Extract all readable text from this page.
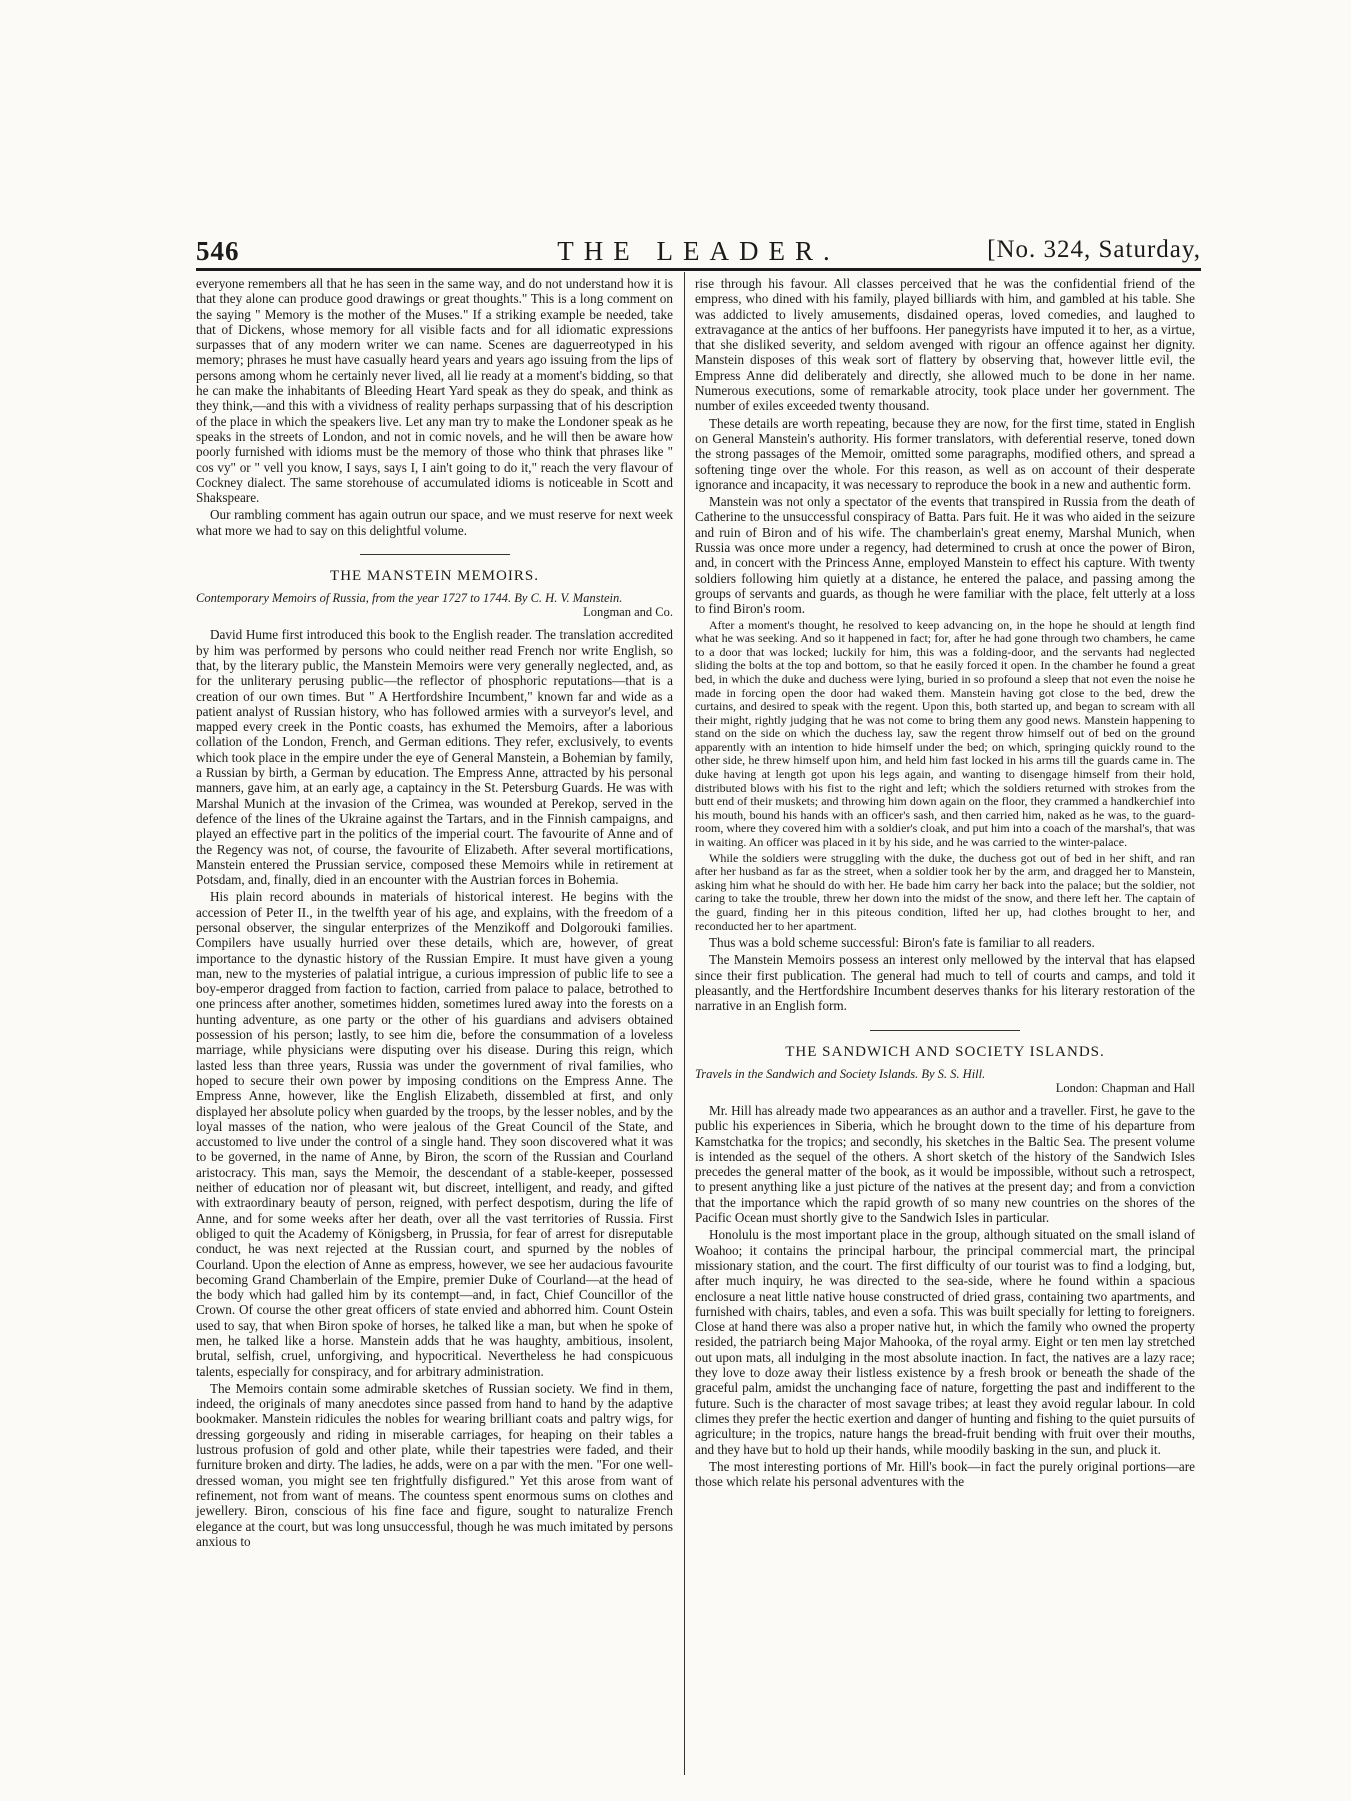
546	THE LEADER.	[No. 324, Saturday,

everyone remembers all that he has seen in the same way, and do not understand how it is that they alone can produce good drawings or great thoughts." This is a long comment on the saying " Memory is the mother of the Muses." If a striking example be needed, take that of Dickens, whose memory for all visible facts and for all idiomatic expressions surpasses that of any modern writer we can name. Scenes are daguerreotyped in his memory; phrases he must have casually heard years and years ago issuing from the lips of persons among whom he certainly never lived, all lie ready at a moment's bidding, so that he can make the inhabitants of Bleeding Heart Yard speak as they do speak, and think as they think,—and this with a vividness of reality perhaps surpassing that of his description of the place in which the speakers live. Let any man try to make the Londoner speak as he speaks in the streets of London, and not in comic novels, and he will then be aware how poorly furnished with idioms must be the memory of those who think that phrases like " cos vy" or " vell you know, I says, says I, I ain't going to do it," reach the very flavour of Cockney dialect. The same storehouse of accumulated idioms is noticeable in Scott and Shakspeare.

Our rambling comment has again outrun our space, and we must reserve for next week what more we had to say on this delightful volume.

THE MANSTEIN MEMOIRS.
Contemporary Memoirs of Russia, from the year 1727 to 1744. By C. H. V. Manstein.
Longman and Co.

David Hume first introduced this book to the English reader. The translation accredited by him was performed by persons who could neither read French nor write English, so that, by the literary public, the Manstein Memoirs were very generally neglected, and, as for the unliterary perusing public—the reflector of phosphoric reputations—that is a creation of our own times. But " A Hertfordshire Incumbent," known far and wide as a patient analyst of Russian history, who has followed armies with a surveyor's level, and mapped every creek in the Pontic coasts, has exhumed the Memoirs, after a laborious collation of the London, French, and German editions. They refer, exclusively, to events which took place in the empire under the eye of General Manstein, a Bohemian by family, a Russian by birth, a German by education. The Empress Anne, attracted by his personal manners, gave him, at an early age, a captaincy in the St. Petersburg Guards. He was with Marshal Munich at the invasion of the Crimea, was wounded at Perekop, served in the defence of the lines of the Ukraine against the Tartars, and in the Finnish campaigns, and played an effective part in the politics of the imperial court. The favourite of Anne and of the Regency was not, of course, the favourite of Elizabeth. After several mortifications, Manstein entered the Prussian service, composed these Memoirs while in retirement at Potsdam, and, finally, died in an encounter with the Austrian forces in Bohemia.

His plain record abounds in materials of historical interest. He begins with the accession of Peter II., in the twelfth year of his age, and explains, with the freedom of a personal observer, the singular enterprizes of the Menzikoff and Dolgorouki families. Compilers have usually hurried over these details, which are, however, of great importance to the dynastic history of the Russian Empire. It must have given a young man, new to the mysteries of palatial intrigue, a curious impression of public life to see a boy-emperor dragged from faction to faction, carried from palace to palace, betrothed to one princess after another, sometimes hidden, sometimes lured away into the forests on a hunting adventure, as one party or the other of his guardians and advisers obtained possession of his person; lastly, to see him die, before the consummation of a loveless marriage, while physicians were disputing over his disease. During this reign, which lasted less than three years, Russia was under the government of rival families, who hoped to secure their own power by imposing conditions on the Empress Anne. The Empress Anne, however, like the English Elizabeth, dissembled at first, and only displayed her absolute policy when guarded by the troops, by the lesser nobles, and by the loyal masses of the nation, who were jealous of the Great Council of the State, and accustomed to live under the control of a single hand. They soon discovered what it was to be governed, in the name of Anne, by Biron, the scorn of the Russian and Courland aristocracy. This man, says the Memoir, the descendant of a stable-keeper, possessed neither of education nor of pleasant wit, but discreet, intelligent, and ready, and gifted with extraordinary beauty of person, reigned, with perfect despotism, during the life of Anne, and for some weeks after her death, over all the vast territories of Russia. First obliged to quit the Academy of Königsberg, in Prussia, for fear of arrest for disreputable conduct, he was next rejected at the Russian court, and spurned by the nobles of Courland. Upon the election of Anne as empress, however, we see her audacious favourite becoming Grand Chamberlain of the Empire, premier Duke of Courland—at the head of the body which had galled him by its contempt—and, in fact, Chief Councillor of the Crown. Of course the other great officers of state envied and abhorred him. Count Ostein used to say, that when Biron spoke of horses, he talked like a man, but when he spoke of men, he talked like a horse. Manstein adds that he was haughty, ambitious, insolent, brutal, selfish, cruel, unforgiving, and hypocritical. Nevertheless he had conspicuous talents, especially for conspiracy, and for arbitrary administration.

The Memoirs contain some admirable sketches of Russian society. We find in them, indeed, the originals of many anecdotes since passed from hand to hand by the adaptive bookmaker. Manstein ridicules the nobles for wearing brilliant coats and paltry wigs, for dressing gorgeously and riding in miserable carriages, for heaping on their tables a lustrous profusion of gold and other plate, while their tapestries were faded, and their furniture broken and dirty. The ladies, he adds, were on a par with the men. "For one well-dressed woman, you might see ten frightfully disfigured." Yet this arose from want of refinement, not from want of means. The countess spent enormous sums on clothes and jewellery. Biron, conscious of his fine face and figure, sought to naturalize French elegance at the court, but was long unsuccessful, though he was much imitated by persons anxious to

rise through his favour. All classes perceived that he was the confidential friend of the empress, who dined with his family, played billiards with him, and gambled at his table. She was addicted to lively amusements, disdained operas, loved comedies, and laughed to extravagance at the antics of her buffoons. Her panegyrists have imputed it to her, as a virtue, that she disliked severity, and seldom avenged with rigour an offence against her dignity. Manstein disposes of this weak sort of flattery by observing that, however little evil, the Empress Anne did deliberately and directly, she allowed much to be done in her name. Numerous executions, some of remarkable atrocity, took place under her government. The number of exiles exceeded twenty thousand.

These details are worth repeating, because they are now, for the first time, stated in English on General Manstein's authority. His former translators, with deferential reserve, toned down the strong passages of the Memoir, omitted some paragraphs, modified others, and spread a softening tinge over the whole. For this reason, as well as on account of their desperate ignorance and incapacity, it was necessary to reproduce the book in a new and authentic form.

Manstein was not only a spectator of the events that transpired in Russia from the death of Catherine to the unsuccessful conspiracy of Batta. Pars fuit. He it was who aided in the seizure and ruin of Biron and of his wife. The chamberlain's great enemy, Marshal Munich, when Russia was once more under a regency, had determined to crush at once the power of Biron, and, in concert with the Princess Anne, employed Manstein to effect his capture. With twenty soldiers following him quietly at a distance, he entered the palace, and passing among the groups of servants and guards, as though he were familiar with the place, felt utterly at a loss to find Biron's room.

After a moment's thought, he resolved to keep advancing on, in the hope he should at length find what he was seeking. And so it happened in fact; for, after he had gone through two chambers, he came to a door that was locked; luckily for him, this was a folding-door, and the servants had neglected sliding the bolts at the top and bottom, so that he easily forced it open. In the chamber he found a great bed, in which the duke and duchess were lying, buried in so profound a sleep that not even the noise he made in forcing open the door had waked them. Manstein having got close to the bed, drew the curtains, and desired to speak with the regent. Upon this, both started up, and began to scream with all their might, rightly judging that he was not come to bring them any good news. Manstein happening to stand on the side on which the duchess lay, saw the regent throw himself out of bed on the ground apparently with an intention to hide himself under the bed; on which, springing quickly round to the other side, he threw himself upon him, and held him fast locked in his arms till the guards came in. The duke having at length got upon his legs again, and wanting to disengage himself from their hold, distributed blows with his fist to the right and left; which the soldiers returned with strokes from the butt end of their muskets; and throwing him down again on the floor, they crammed a handkerchief into his mouth, bound his hands with an officer's sash, and then carried him, naked as he was, to the guard-room, where they covered him with a soldier's cloak, and put him into a coach of the marshal's, that was in waiting. An officer was placed in it by his side, and he was carried to the winter-palace.

While the soldiers were struggling with the duke, the duchess got out of bed in her shift, and ran after her husband as far as the street, when a soldier took her by the arm, and dragged her to Manstein, asking him what he should do with her. He bade him carry her back into the palace; but the soldier, not caring to take the trouble, threw her down into the midst of the snow, and there left her. The captain of the guard, finding her in this piteous condition, lifted her up, had clothes brought to her, and reconducted her to her apartment.

Thus was a bold scheme successful: Biron's fate is familiar to all readers.

The Manstein Memoirs possess an interest only mellowed by the interval that has elapsed since their first publication. The general had much to tell of courts and camps, and told it pleasantly, and the Hertfordshire Incumbent deserves thanks for his literary restoration of the narrative in an English form.

THE SANDWICH AND SOCIETY ISLANDS.
Travels in the Sandwich and Society Islands. By S. S. Hill.
London: Chapman and Hall

Mr. Hill has already made two appearances as an author and a traveller. First, he gave to the public his experiences in Siberia, which he brought down to the time of his departure from Kamstchatka for the tropics; and secondly, his sketches in the Baltic Sea. The present volume is intended as the sequel of the others. A short sketch of the history of the Sandwich Isles precedes the general matter of the book, as it would be impossible, without such a retrospect, to present anything like a just picture of the natives at the present day; and from a conviction that the importance which the rapid growth of so many new countries on the shores of the Pacific Ocean must shortly give to the Sandwich Isles in particular.

Honolulu is the most important place in the group, although situated on the small island of Woahoo; it contains the principal harbour, the principal commercial mart, the principal missionary station, and the court. The first difficulty of our tourist was to find a lodging, but, after much inquiry, he was directed to the sea-side, where he found within a spacious enclosure a neat little native house constructed of dried grass, containing two apartments, and furnished with chairs, tables, and even a sofa. This was built specially for letting to foreigners. Close at hand there was also a proper native hut, in which the family who owned the property resided, the patriarch being Major Mahooka, of the royal army. Eight or ten men lay stretched out upon mats, all indulging in the most absolute inaction. In fact, the natives are a lazy race; they love to doze away their listless existence by a fresh brook or beneath the shade of the graceful palm, amidst the unchanging face of nature, forgetting the past and indifferent to the future. Such is the character of most savage tribes; at least they avoid regular labour. In cold climes they prefer the hectic exertion and danger of hunting and fishing to the quiet pursuits of agriculture; in the tropics, nature hangs the bread-fruit bending with fruit over their mouths, and they have but to hold up their hands, while moodily basking in the sun, and pluck it.

The most interesting portions of Mr. Hill's book—in fact the purely original portions—are those which relate his personal adventures with the
